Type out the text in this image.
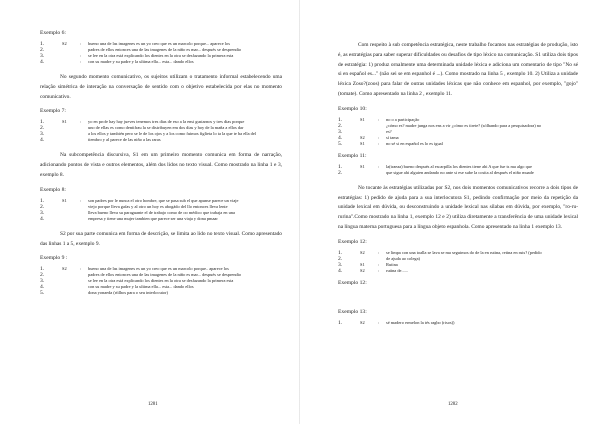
Exemplo 6:
1.	S2	:	bueno una de las imagenes es un yo creo que es un marcolo porque... aparece los
2.	padres de ellos entonces una de las imagenes de la niño es mar... después se desprendio
3.	:	se lee en la otra está explicando los dientes en la otra se desfazando la primera esta
4.	:	con su madre y su padre y la ultima ella... esta... dando ellos

No segundo momento comunicativo, os sujeitos utilizam o tratamento informal estabelecendo uma relação simétrica de interação na conversação de sentido com o objetivo estabelecida por elas no momento comunicativo.

Exemplo 7:
1.	S1	:	yo en profe hay hay jueves tenemos tres dias de eso a la ensi gustarnos y tres dias porque
2.	uno de ellas es como dentifrau la se distribuyen em dos dias y hoy de la maña a ellos dar
3.	a los ellos y también pero se le de los ojos y a los como fuimos figlieta lo ta la que te ba ella del
4.	tiembro y al parece de las niño a las raras

Na subcompetência discursiva, S1 em um primeiro momento comunica em forma de narração, adicionando pontos de vista e outros elementos, além dos lidos no texto visual. Como mostrado na linha 1 e 3, exemplo 8.

Exemplo 8:
1.	S1	:	son padres por le nunca el otro hombre, que se pasa sub el que apunse parece un viaje
2.	viejo porque lleva gafas y al otro un hoy es abogádo del llo entonces lleva lente
3.	lleva bueno lleva su paraguante el de trabajo como de oo médico que trabaja en una
4.	empresa y tiene una mujer tambien que parece ser una viaja y dona pmaar

S2 por sua parte comunica em forma de descrição, se limita ao lido no texto visual. Como apresentado das linhas 1 a 5, exemplo 9.

Exemplo 9 :
1.	S2	:	bueno una de las imagenes es un yo creo que es un marcolo porque.. aparece los
2.	padres de ellos entonces una de las imagenes de la niño es mar... después se desprendio
3.	se lee en la otra está explicando los dientes en la otra se desfazando la primera esta
4.	con su madre y su padre y la ultima ella... esta... dando ellos
5.	dona yonaeda (rítlhos para o seu interlocutor)
1281

Com respeito à sub competência estratégica, neste trabalho focamos nas estratégias de produção, isto é, as estratégias para saber superar dificuldades ou desafios de tipo léxico na comunicação. S1 utiliza dois tipos de estratégia: 1) produz ornalmente uma determinada unidade léxica e adiciona um comentario de tipo "No sé si en español es..." (não sei se em espanhol é ...). Como mostrado na linha 5 , exemplo 10. 2) Utiliza a unidade léxica Zoso?(zoos) para falar de outras unidades léxicas que não conhece em espanhol, por exemplo, "gojo" (tomate). Como apresentado na linha 2 , exemplo 11.

Exemplo 10:
1.	S1	:	no o a participação
2.	¿cómo es? madre junga nos ens a vir ¿cómo es tirete? (sólhando para a pesquisadora) no
3.	es?
4.	S2	:	sí tama
5.	S1	:	no sé si en español es lo es igual
Exemplo 11:
1.	S1	:	la(traeaa) bueno después al escarpilla los dientes tiene ahi A que fue ts ma algo que
2.	que sigue ahi alguien andando no ante si ese sube la cosita al después el niño muade

No tocante às estratégias utilizadas por S2, nos dois momentos comunicativos recorre a dois tipos de estratégias: 1) pedido de ajuda para a sua interlocutora S1, pedindo confirmação por meio da repetição da unidade lexical em dúvida, ou desconstruindo a unidade lexical nas sílabas em dúvida, por exemplo, "ro-ru-rurina".Como mostrado na linha 1, exemplo 12 e 2) utiliza diretamente a transferência de uma unidade lexical na língua materna portuguesa para a língua objeto espanhola. Como apresentado na linha 1 exemplo 13.

Exemplo 12:
1.	S2	:	se limpa con una toalla se lava se ma seguimos do de la en rutina, retina en ruts? (pedido
2.	de ajuda ao colega)
3.	S1	:	Rutina
4.	S2	:	rutina de......
Exemplo 12:
Exemplo 13:
1.	S2	:	sé madero ermelon la tés ragbo (risos))
1282
